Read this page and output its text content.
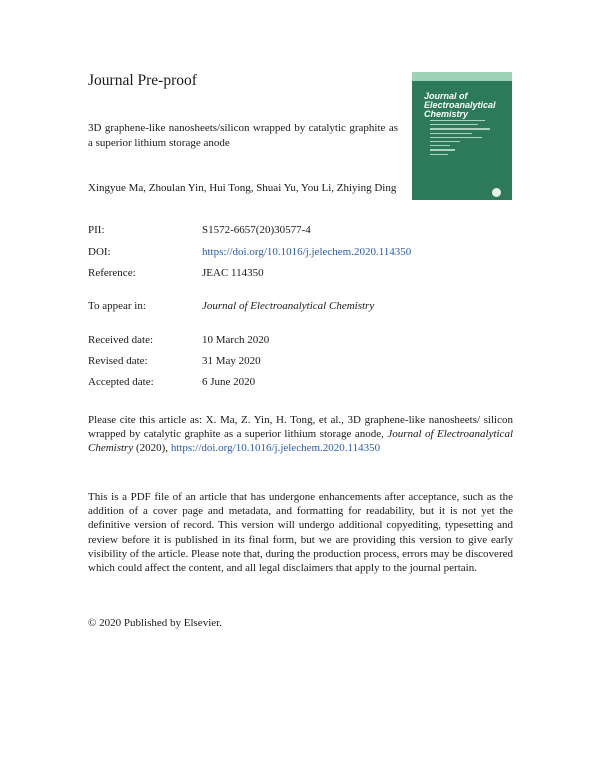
Journal Pre-proof
3D graphene-like nanosheets/silicon wrapped by catalytic graphite as a superior lithium storage anode
Xingyue Ma, Zhoulan Yin, Hui Tong, Shuai Yu, You Li, Zhiying Ding
Journal of Electroanalytical Chemistry
PII:	S1572-6657(20)30577-4
DOI:	https://doi.org/10.1016/j.jelechem.2020.114350
Reference:	JEAC 114350
To appear in:	Journal of Electroanalytical Chemistry
Received date:	10 March 2020
Revised date:	31 May 2020
Accepted date:	6 June 2020
Please cite this article as: X. Ma, Z. Yin, H. Tong, et al., 3D graphene-like nanosheets/ silicon wrapped by catalytic graphite as a superior lithium storage anode, Journal of Electroanalytical Chemistry (2020), https://doi.org/10.1016/j.jelechem.2020.114350
This is a PDF file of an article that has undergone enhancements after acceptance, such as the addition of a cover page and metadata, and formatting for readability, but it is not yet the definitive version of record. This version will undergo additional copyediting, typesetting and review before it is published in its final form, but we are providing this version to give early visibility of the article. Please note that, during the production process, errors may be discovered which could affect the content, and all legal disclaimers that apply to the journal pertain.
© 2020 Published by Elsevier.
